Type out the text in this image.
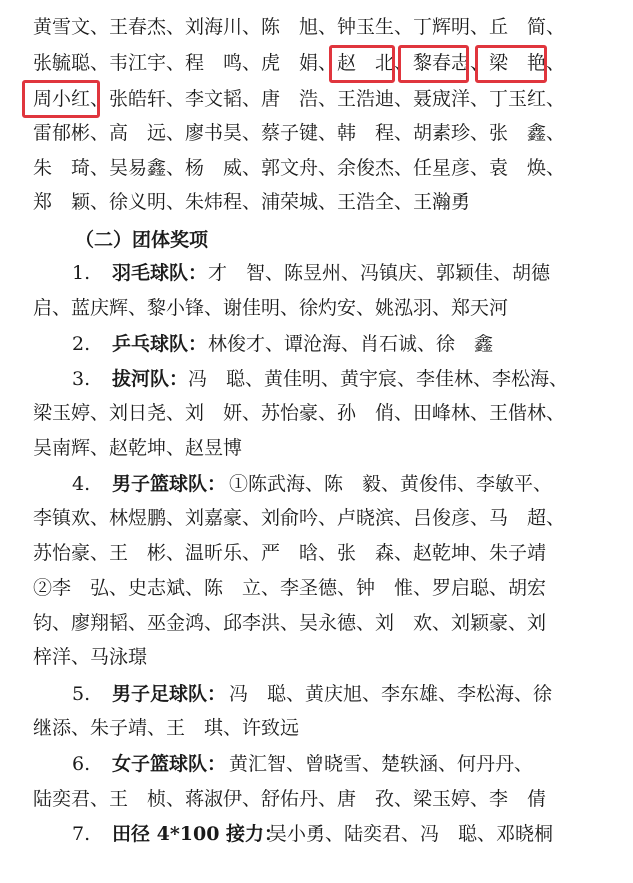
黄雪文、王春杰、刘海川、陈　旭、钟玉生、丁辉明、丘　简、
张毓聪、韦江宇、程　鸣、虎　娟、赵　北、黎春志、梁　艳、
周小红、张皓轩、李文韬、唐　浩、王浩迪、聂宬洋、丁玉红、
雷郁彬、高　远、廖书昊、蔡子键、韩　程、胡素珍、张　鑫、
朱　琦、吴易鑫、杨　威、郭文舟、余俊杰、任星彦、袁　焕、
郑　颖、徐义明、朱炜程、浦荣城、王浩全、王瀚勇
（二）团体奖项
1. 羽毛球队： 才　智、陈昱州、冯镇庆、郭颖佳、胡德
启、蓝庆辉、黎小锋、谢佳明、徐灼安、姚泓羽、郑天河
2. 乒乓球队： 林俊才、谭沧海、肖石诚、徐　鑫
3. 拔河队： 冯　聪、黄佳明、黄宇宸、李佳林、李松海、
梁玉婷、刘日尧、刘　妍、苏怡豪、孙　俏、田峰林、王偕林、
吴南辉、赵乾坤、赵昱博
4. 男子篮球队： ①陈武海、陈　毅、黄俊伟、李敏平、
李镇欢、林煜鹏、刘嘉豪、刘俞吟、卢晓滨、吕俊彦、马　超、
苏怡豪、王　彬、温昕乐、严　晗、张　森、赵乾坤、朱子靖
②李　弘、史志斌、陈　立、李圣德、钟　惟、罗启聪、胡宏
钧、廖翔韬、巫金鸿、邱李洪、吴永德、刘　欢、刘颖豪、刘
梓洋、马泳璟
5. 男子足球队： 冯　聪、黄庆旭、李东雄、李松海、徐
继添、朱子靖、王　琪、许致远
6. 女子篮球队： 黄汇智、曾晓雪、楚轶涵、何丹丹、
陆奕君、王　桢、蒋淑伊、舒佑丹、唐　孜、梁玉婷、李　倩
7. 田径 4*100 接力：
吴小勇、陆奕君、冯　聪、邓晓桐
